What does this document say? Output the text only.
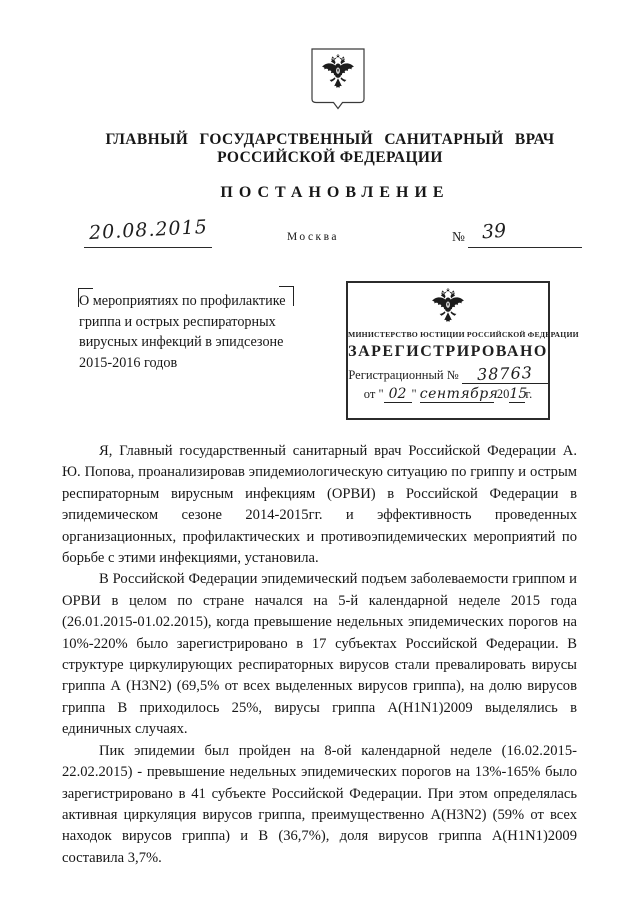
ГЛАВНЫЙ ГОСУДАРСТВЕННЫЙ САНИТАРНЫЙ ВРАЧ
РОССИЙСКОЙ ФЕДЕРАЦИИ
ПОСТАНОВЛЕНИЕ
20.08.2015	Москва	№ 39
О мероприятиях по профилактике
гриппа и острых респираторных
вирусных инфекций в эпидсезоне
2015-2016 годов
МИНИСТЕРСТВО ЮСТИЦИИ РОССИЙСКОЙ ФЕДЕРАЦИИ
ЗАРЕГИСТРИРОВАНО
Регистрационный № 38763
от " 02 " сентября 2015г.

Я, Главный государственный санитарный врач Российской Федерации А. Ю. Попова, проанализировав эпидемиологическую ситуацию по гриппу и острым респираторным вирусным инфекциям (ОРВИ) в Российской Федерации в эпидемическом сезоне 2014-2015гг. и эффективность проведенных организационных, профилактических и противоэпидемических мероприятий по борьбе с этими инфекциями, установила.

В Российской Федерации эпидемический подъем заболеваемости гриппом и ОРВИ в целом по стране начался на 5-й календарной неделе 2015 года (26.01.2015-01.02.2015), когда превышение недельных эпидемических порогов на 10%-220% было зарегистрировано в 17 субъектах Российской Федерации. В структуре циркулирующих респираторных вирусов стали превалировать вирусы гриппа А (H3N2) (69,5% от всех выделенных вирусов гриппа), на долю вирусов гриппа В приходилось 25%, вирусы гриппа А(H1N1)2009 выделялись в единичных случаях.

Пик эпидемии был пройден на 8-ой календарной неделе (16.02.2015-22.02.2015) - превышение недельных эпидемических порогов на 13%-165% было зарегистрировано в 41 субъекте Российской Федерации. При этом определялась активная циркуляция вирусов гриппа, преимущественно А(H3N2) (59% от всех находок вирусов гриппа) и В (36,7%), доля вирусов гриппа А(H1N1)2009 составила 3,7%.
